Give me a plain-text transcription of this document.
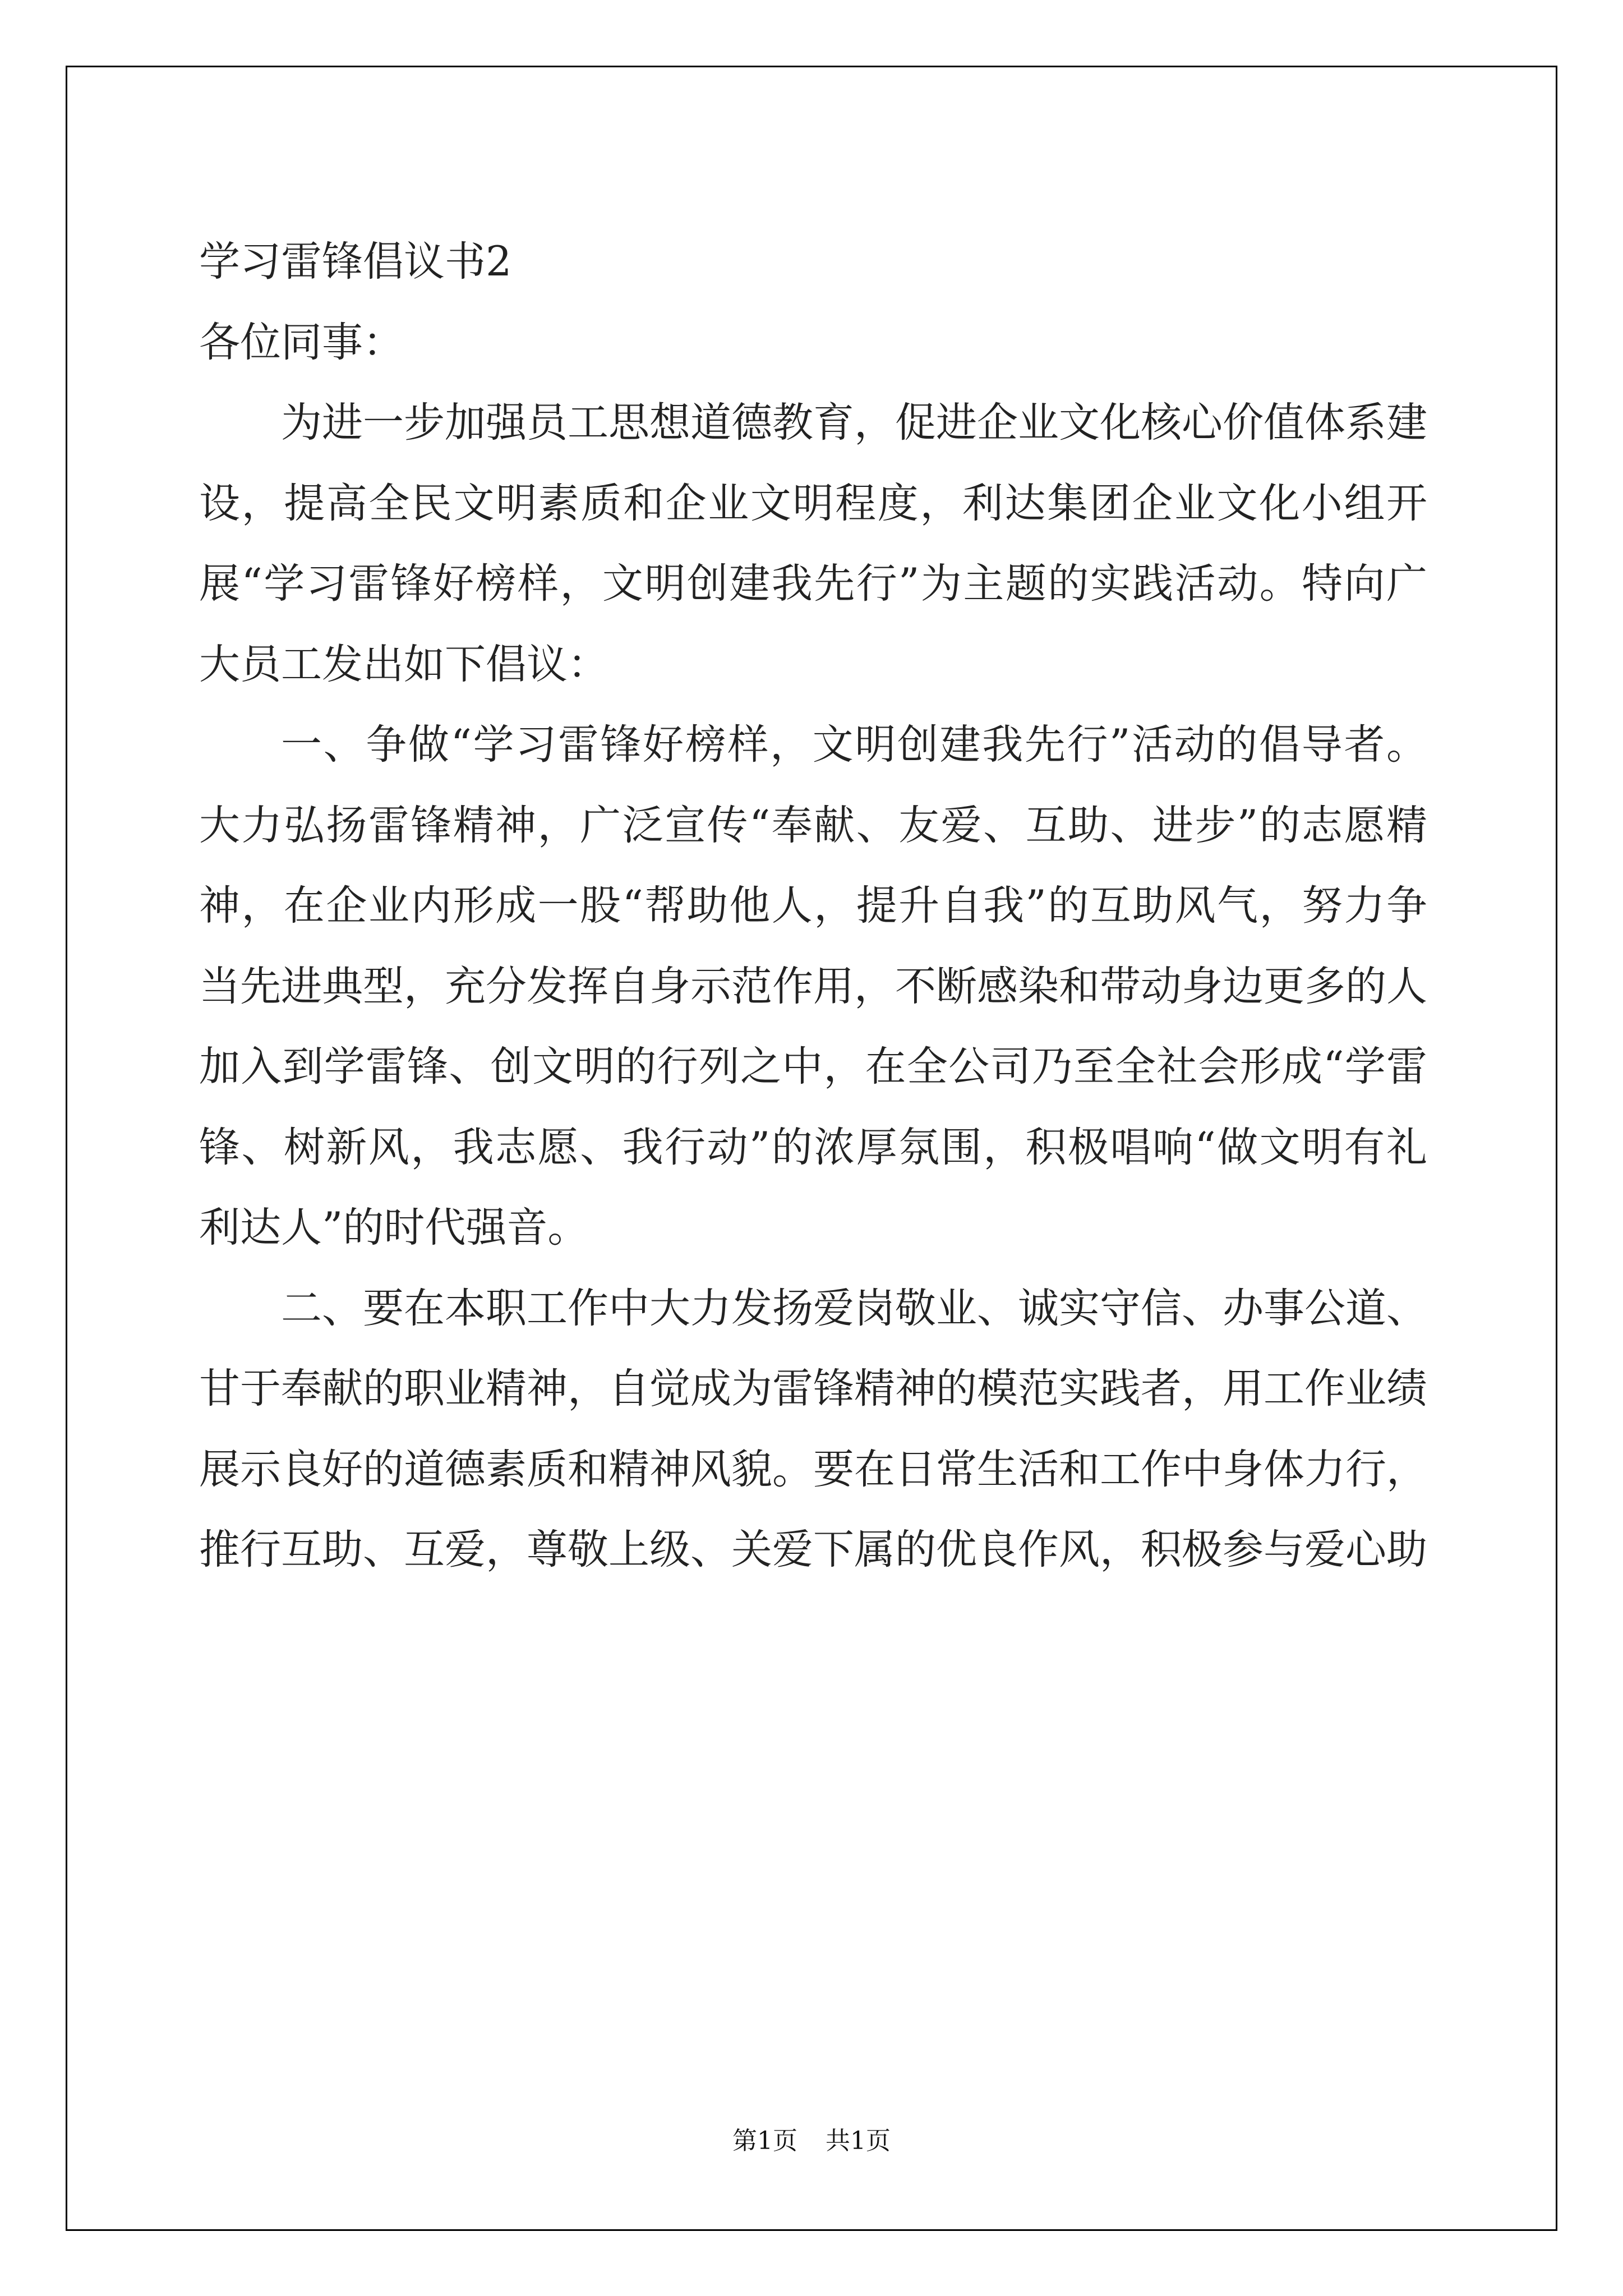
学习雷锋倡议书2

各位同事：

为进一步加强员工思想道德教育，促进企业文化核心价值体系建设，提高全民文明素质和企业文明程度，利达集团企业文化小组开展“学习雷锋好榜样，文明创建我先行”为主题的实践活动。特向广大员工发出如下倡议：

一、争做“学习雷锋好榜样，文明创建我先行”活动的倡导者。大力弘扬雷锋精神，广泛宣传“奉献、友爱、互助、进步”的志愿精神，在企业内形成一股“帮助他人，提升自我”的互助风气，努力争当先进典型，充分发挥自身示范作用，不断感染和带动身边更多的人加入到学雷锋、创文明的行列之中，在全公司乃至全社会形成“学雷锋、树新风，我志愿、我行动”的浓厚氛围，积极唱响“做文明有礼利达人”的时代强音。

二、要在本职工作中大力发扬爱岗敬业、诚实守信、办事公道、甘于奉献的职业精神，自觉成为雷锋精神的模范实践者，用工作业绩展示良好的道德素质和精神风貌。要在日常生活和工作中身体力行，推行互助、互爱，尊敬上级、关爱下属的优良作风，积极参与爱心助

第1页 共1页
